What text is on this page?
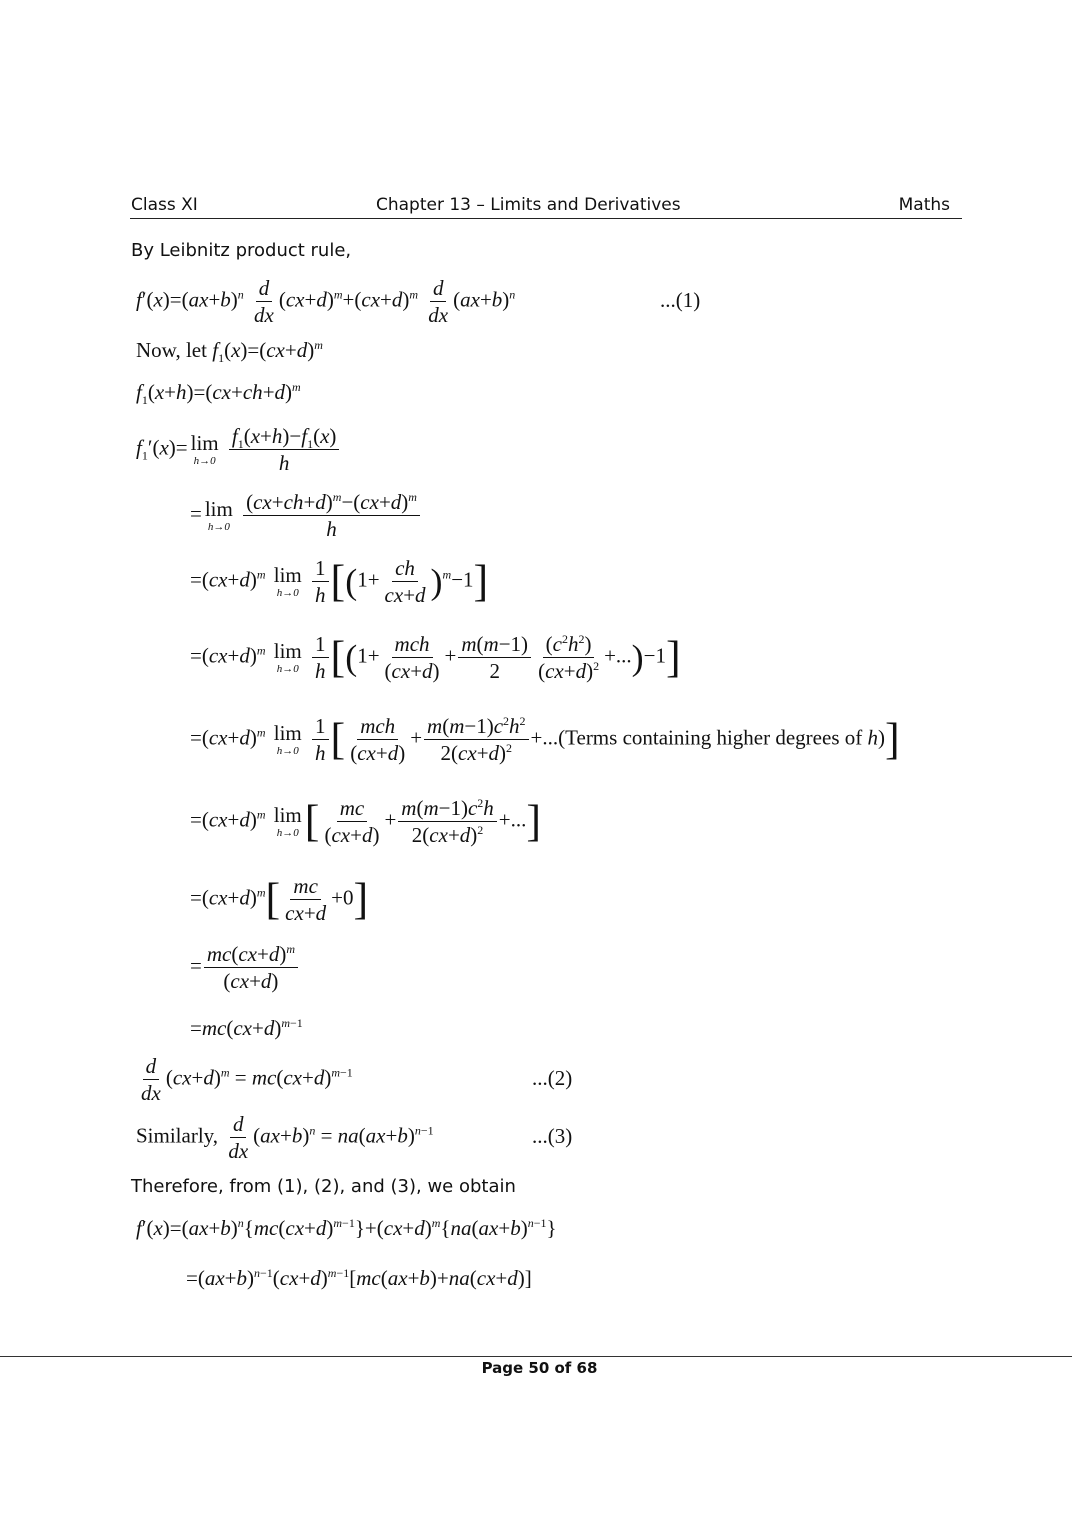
Class XI	Chapter 13 – Limits and Derivatives	Maths
By Leibnitz product rule,
$f'(x)=(ax+b)^n \frac{d}{dx} (cx+d)^m+(cx+d)^m \frac{d}{dx} (ax+b)^n$	...(1)
Now, let $f_1(x)=(cx+d)^m$
$f_1(x+h)=(cx+ch+d)^m$
$f_1'(x)= \lim$
h→0
$\frac{f_1(x+h)-f_1(x)}{h}$
= lim
h→0
$\frac{(cx+ch+d)^m-(cx+d)^m}{h}$
$=(cx+d)^m$ lim
h→0
$\frac{1}{h} [(1+ \frac{ch}{cx+d} )^m-1]$
$=(cx+d)^m$ lim
h→0
$\frac{1}{h} [(1+ \frac{\text{mch}}{(cx+d)} + \frac{m(m-1)}{2} \frac{(c^2h^2)}{(cx+d)^2} +...)-1]$
$=(cx+d)^m$ lim
h→0
$\frac{1}{h}$ [ $\frac{\text{mch}}{(cx+d)} + \frac{m(m-1)c^2h^2}{2(cx+d)^2}$ +...(Terms containing higher degrees of h)]
$=(cx+d)^m$ lim
h→0 [ $\frac{mc}{(cx+d)} + \frac{m(m-1)c^2h}{2(cx+d)^2}$ +...]
$=(cx+d)^m[ \frac{mc}{cx+d} +0]$
= $\frac{mc(cx+d)^m}{(cx+d)}$
$=mc(cx+d)^{m-1}$
$\frac{d}{dx} (cx+d)^m = mc(cx+d)^{m-1}$	...(2)
Similarly, $\frac{d}{dx} (ax+b)^n = na(ax+b)^{n-1}$	...(3)
Therefore, from (1), (2), and (3), we obtain
$f'(x)=(ax+b)^n\{mc(cx+d)^{m-1}\}+(cx+d)^m\{na(ax+b)^{n-1}\}$
$=(ax+b)^{n-1}(cx+d)^{m-1}[mc(ax+b)+na(cx+d)]$
Page 50 of 68
